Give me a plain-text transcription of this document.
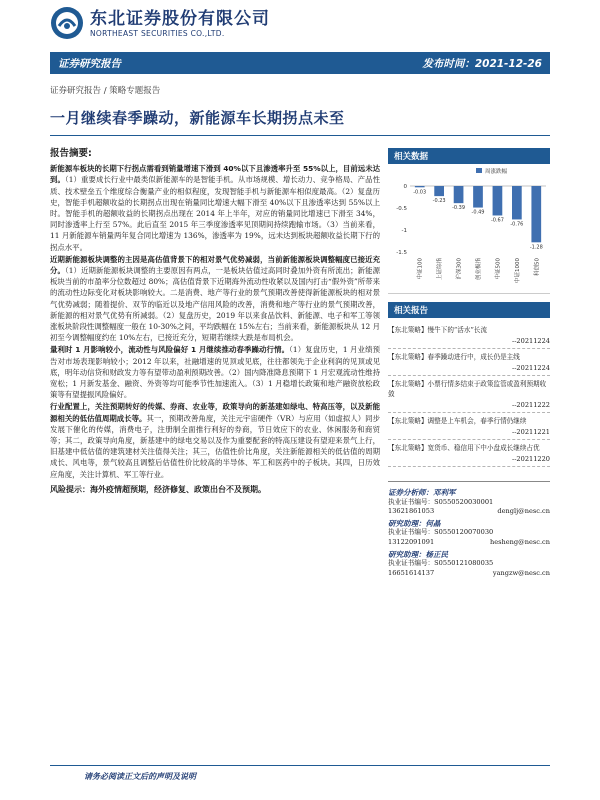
东北证券股份有限公司
NORTHEAST SECURITIES CO.,LTD.
证券研究报告	发布时间：2021-12-26
证券研究报告 / 策略专题报告
一月继续春季躁动，新能源车长期拐点未至
报告摘要:
新能源车板块的长期下行拐点需看到销量增速下滑到 40%以下且渗透率升至 55%以上，目前远未达到。（1）重要成长行业中最类似新能源车的是智能手机。从市场规模、增长动力、竞争格局、产品性质、技术壁垒五个维度综合衡量产业的相似程度，发现智能手机与新能源车相似度最高。（2）复盘历史，智能手机超额收益的长期拐点出现在销量同比增速大幅下滑至 40%以下且渗透率达到 55%以上时。智能手机的超额收益的长期拐点出现在 2014 年上半年，对应的销量同比增速已下滑至 34%，同时渗透率上行至 57%。此后直至 2015 年三季度渗透率见顶期间持续跑输市场。（3）当前来看，11 月新能源车销量两年复合同比增速为 136%，渗透率为 19%，远未达到板块超额收益长期下行的拐点水平。
近期新能源板块调整的主因是高估值背景下的相对景气优势减弱，当前新能源板块调整幅度已接近充分。（1）近期新能源板块调整的主要原因有两点，一是板块估值过高同时叠加外资有所流出；新能源板块当前的市盈率分位数超过 80%；高估值背景下近期海外流动性收紧以及国内打击“假外资”所带来的流动性边际变化对板块影响较大。二是消费、地产等行业的景气预期改善使得新能源板块的相对景气优势减弱；随着提价、双节的临近以及地产信用风险的改善，消费和地产等行业的景气预期改善，新能源的相对景气优势有所减弱。（2）复盘历史，2019 年以来食品饮料、新能源、电子和军工等领涨板块阶段性调整幅度一般在 10-30%之间，平均跌幅在 15%左右；当前来看，新能源板块从 12 月初至今调整幅度约在 10%左右，已接近充分，短期若继续大跌是布局机会。
量利时 1 月影响较小，流动性与风险偏好 1 月继续推动春季躁动行情。（1）复盘历史，1 月业绩预告对市场表现影响较小；2012 年以来，社融增速的见顶或见底，往往都领先于企业利润的见顶或见底，明年动信贷和财政发力等有望带动盈利预期改善。（2）国内降准降息预期下 1 月宏观流动性维持宽松；1 月新发基金、融资、外资等均可能季节性加速流入。（3）1 月稳增长政策和地产融资放松政策等有望提振风险偏好。
行业配置上，关注预期转好的传媒、券商、农业等，政策导向的新基建如绿电、特高压等，以及新能源相关的低估值周期成长等。其一，预期改善角度，关注元宇宙硬件（VR）与应用（如虚拟人）同步发展下催化的传媒，消费电子，注册制全面推行利好的券商，节日效应下的农业、休闲服务和商贸等；其二，政策导向角度，新基建中的绿电交易以及作为重要配套的特高压建设有望迎来景气上行，旧基建中低估值的建筑建材关注值得关注；其三，估值性价比角度，关注新能源相关的低估值的周期成长、风电等，景气较高且调整后估值性价比较高的半导体、军工和医药中的子板块。其四，日历效应角度，关注计算机、军工等行业。
风险提示：海外疫情超预期，经济修复、政策出台不及预期。
相关数据
周涨跌幅
0
-0.5
-1
-1.5
-0.03
中证100
-0.23
上证综指
-0.39
沪深300
-0.49
创业板指
-0.67
中证500
-0.76
中证1000
-1.28
科创50
相关报告
【东北策略】慢牛下的“活水”长流
--20211224
【东北策略】春季躁动进行中，成长仍是主线
--20211224
【东北策略】小票行情多结束于政策监管或盈利预期收敛
--20211222
【东北策略】调整是上车机会，春季行情仍继续
--20211221
【东北策略】宽货币、稳信用下中小盘成长继续占优
--20211220
证券分析师：邓利军
执业证书编号：S0550520030001
13621861053	denglj@nesc.cn
研究助理：何晶
执业证书编号：S0550120070030
13122091091	hesheng@nesc.cn
研究助理：杨正民
执业证书编号：S0550121080035
16651614137	yangzw@nesc.cn
请务必阅读正文后的声明及说明
